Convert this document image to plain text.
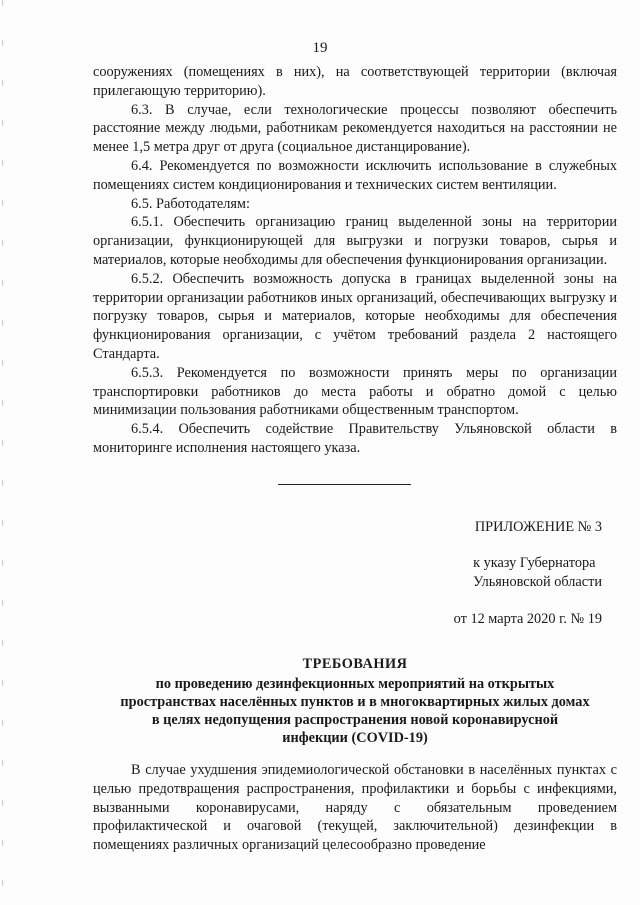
19

сооружениях (помещениях в них), на соответствующей территории (включая прилегающую территорию).

6.3. В случае, если технологические процессы позволяют обеспечить расстояние между людьми, работникам рекомендуется находиться на расстоянии не менее 1,5 метра друг от друга (социальное дистанцирование).

6.4. Рекомендуется по возможности исключить использование в служебных помещениях систем кондиционирования и технических систем вентиляции.

6.5. Работодателям:

6.5.1. Обеспечить организацию границ выделенной зоны на территории организации, функционирующей для выгрузки и погрузки товаров, сырья и материалов, которые необходимы для обеспечения функционирования организации.

6.5.2. Обеспечить возможность допуска в границах выделенной зоны на территории организации работников иных организаций, обеспечивающих выгрузку и погрузку товаров, сырья и материалов, которые необходимы для обеспечения функционирования организации, с учётом требований раздела 2 настоящего Стандарта.

6.5.3. Рекомендуется по возможности принять меры по организации транспортировки работников до места работы и обратно домой с целью минимизации пользования работниками общественным транспортом.

6.5.4. Обеспечить содействие Правительству Ульяновской области в мониторинге исполнения настоящего указа.

ПРИЛОЖЕНИЕ № 3
к указу Губернатора
Ульяновской области
от 12 марта 2020 г. № 19
ТРЕБОВАНИЯ
по проведению дезинфекционных мероприятий на открытых
пространствах населённых пунктов и в многоквартирных жилых домах
в целях недопущения распространения новой коронавирусной
инфекции (COVID-19)

В случае ухудшения эпидемиологической обстановки в населённых пунктах с целью предотвращения распространения, профилактики и борьбы с инфекциями, вызванными коронавирусами, наряду с обязательным проведением профилактической и очаговой (текущей, заключительной) дезинфекции в помещениях различных организаций целесообразно проведение
